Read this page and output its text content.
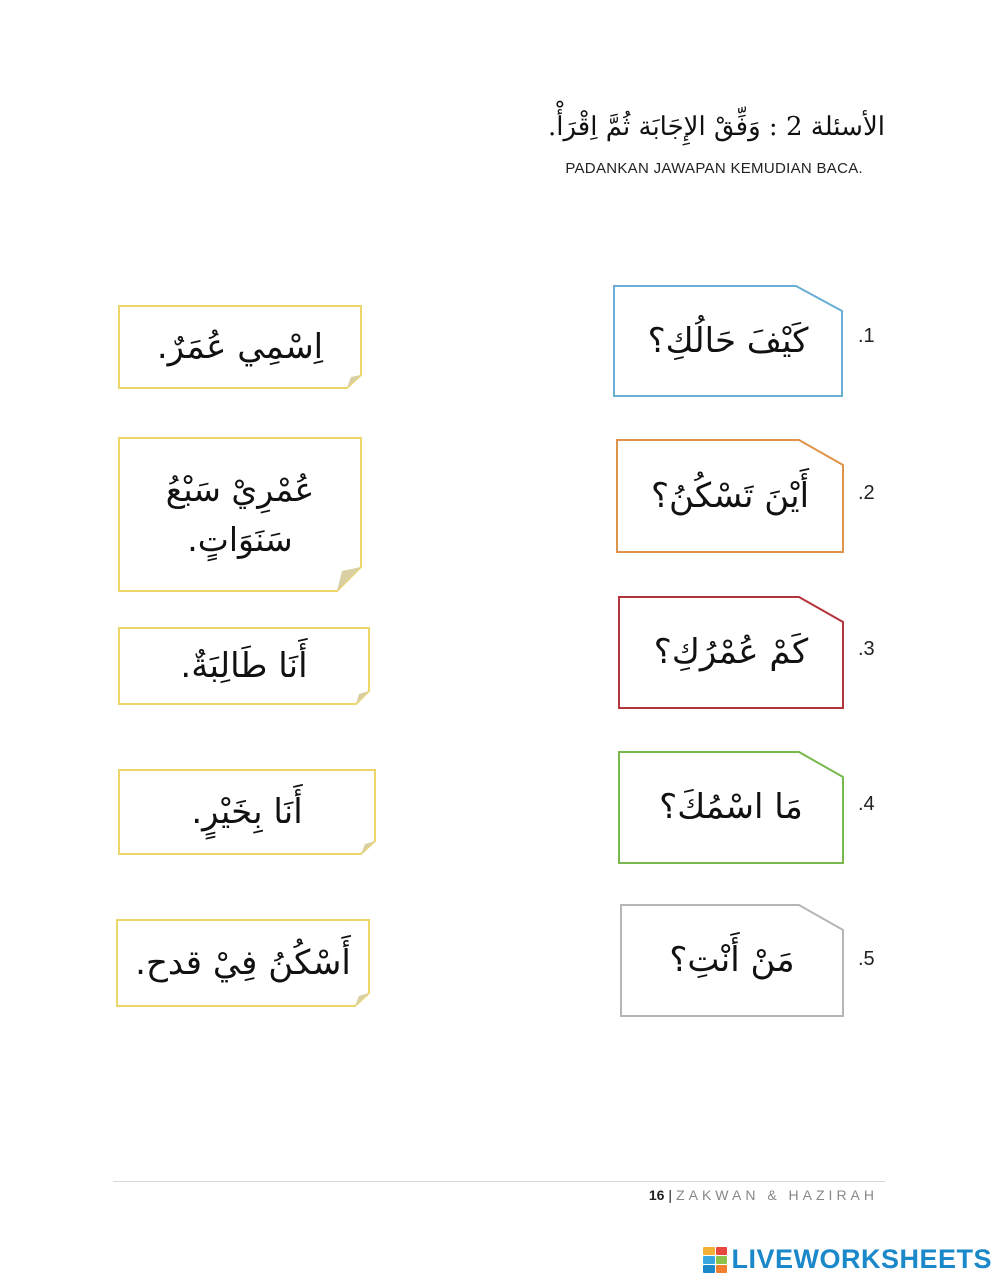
الأسئلة 2 : وَفِّقْ الإِجَابَة ثُمَّ اِقْرَأْ.
PADANKAN JAWAPAN KEMUDIAN BACA.
اِسْمِي عُمَرٌ.
عُمْرِيْ سَبْعُ سَنَوَاتٍ.
أَنَا طَالِبَةٌ.
أَنَا بِخَيْرٍ.
أَسْكُنُ فِيْ قدح.
كَيْفَ حَالُكِ؟ .1
أَيْنَ تَسْكُنُ؟ .2
كَمْ عُمْرُكِ؟ .3
مَا اسْمُكَ؟	.4
مَنْ أَنْتِ؟	.5
16 | ZAKWAN & HAZIRAH
LIVEWORKSHEETS
